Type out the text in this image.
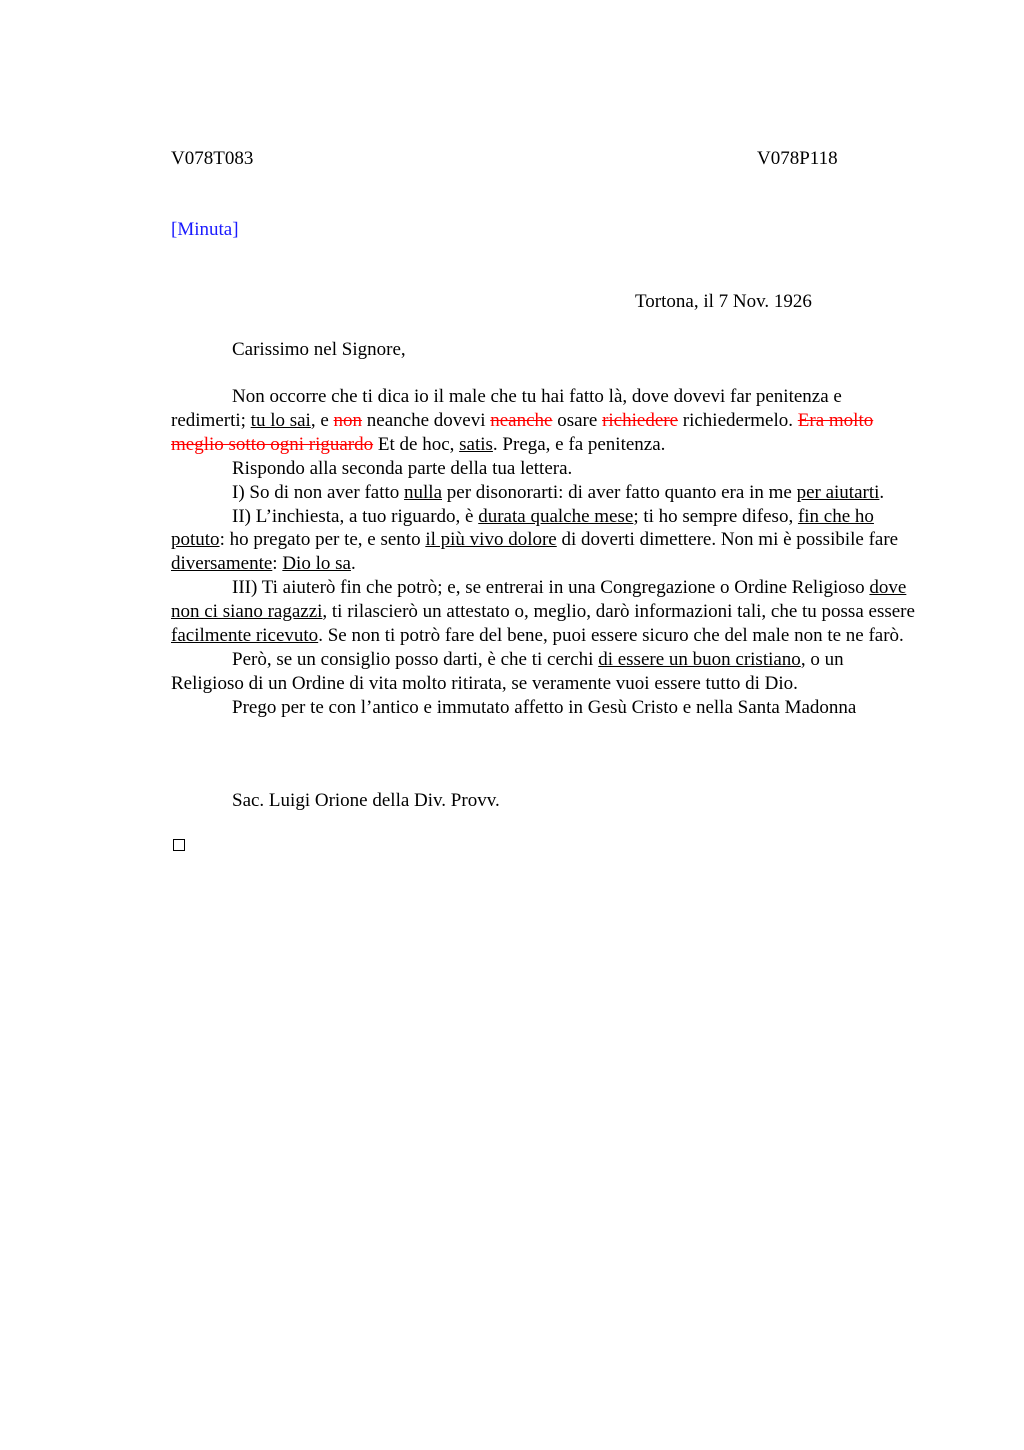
V078T083	V078P118
[Minuta]
Tortona, il 7 Nov. 1926
Carissimo nel Signore,

Non occorre che ti dica io il male che tu hai fatto là, dove dovevi far penitenza e redimerti; tu lo sai, e non neanche dovevi neanche osare richiedere richiedermelo. Era molto meglio sotto ogni riguardo Et de hoc, satis. Prega, e fa penitenza.

Rispondo alla seconda parte della tua lettera.

I) So di non aver fatto nulla per disonorarti: di aver fatto quanto era in me per aiutarti.

II) L’inchiesta, a tuo riguardo, è durata qualche mese; ti ho sempre difeso, fin che ho potuto: ho pregato per te, e sento il più vivo dolore di doverti dimettere. Non mi è possibile fare diversamente: Dio lo sa.

III) Ti aiuterò fin che potrò; e, se entrerai in una Congregazione o Ordine Religioso dove non ci siano ragazzi, ti rilascierò un attestato o, meglio, darò informazioni tali, che tu possa essere facilmente ricevuto. Se non ti potrò fare del bene, puoi essere sicuro che del male non te ne farò.

Però, se un consiglio posso darti, è che ti cerchi di essere un buon cristiano, o un Religioso di un Ordine di vita molto ritirata, se veramente vuoi essere tutto di Dio.

Prego per te con l’antico e immutato affetto in Gesù Cristo e nella Santa Madonna

Sac. Luigi Orione della Div. Provv.
